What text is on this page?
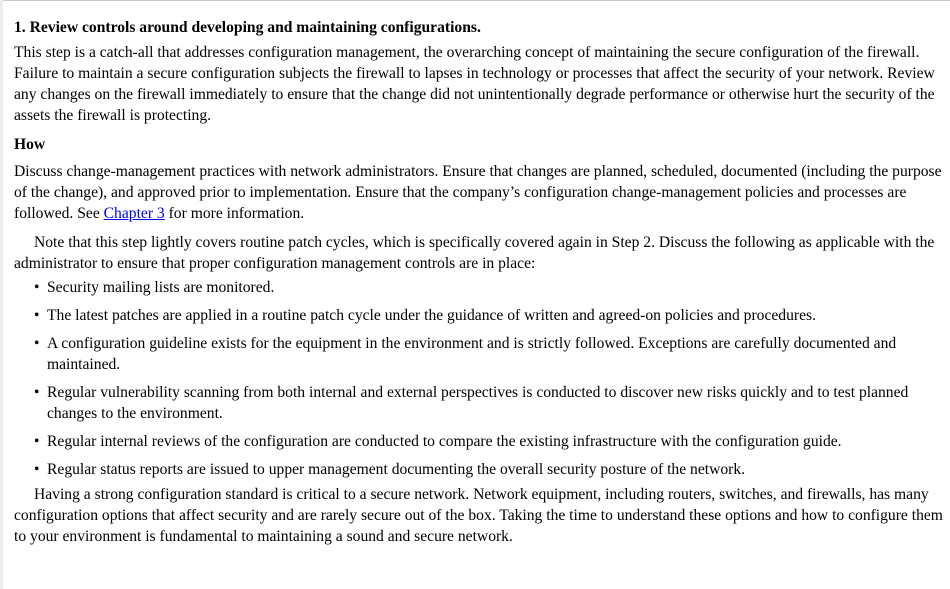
1. Review controls around developing and maintaining configurations.

This step is a catch-all that addresses configuration management, the overarching concept of maintaining the secure configuration of the firewall. Failure to maintain a secure configuration subjects the firewall to lapses in technology or processes that affect the security of your network. Review any changes on the firewall immediately to ensure that the change did not unintentionally degrade performance or otherwise hurt the security of the assets the firewall is protecting.

How

Discuss change-management practices with network administrators. Ensure that changes are planned, scheduled, documented (including the purpose of the change), and approved prior to implementation. Ensure that the company’s configuration change-management policies and processes are followed. See Chapter 3 for more information.

Note that this step lightly covers routine patch cycles, which is specifically covered again in Step 2. Discuss the following as applicable with the administrator to ensure that proper configuration management controls are in place:

• Security mailing lists are monitored.
• The latest patches are applied in a routine patch cycle under the guidance of written and agreed-on policies and procedures.
• A configuration guideline exists for the equipment in the environment and is strictly followed. Exceptions are carefully documented and maintained.
• Regular vulnerability scanning from both internal and external perspectives is conducted to discover new risks quickly and to test planned changes to the environment.
• Regular internal reviews of the configuration are conducted to compare the existing infrastructure with the configuration guide.
• Regular status reports are issued to upper management documenting the overall security posture of the network.

Having a strong configuration standard is critical to a secure network. Network equipment, including routers, switches, and firewalls, has many configuration options that affect security and are rarely secure out of the box. Taking the time to understand these options and how to configure them to your environment is fundamental to maintaining a sound and secure network.
